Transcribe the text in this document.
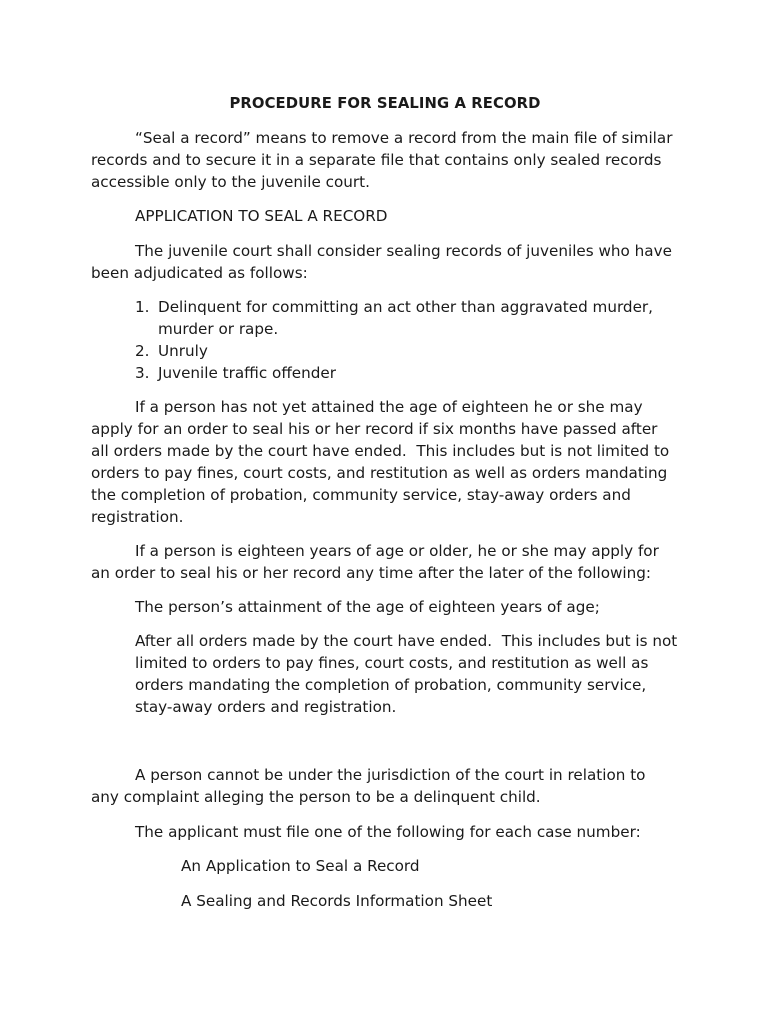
PROCEDURE FOR SEALING A RECORD
“Seal a record” means to remove a record from the main file of similar
records and to secure it in a separate file that contains only sealed records
accessible only to the juvenile court.
APPLICATION TO SEAL A RECORD
The juvenile court shall consider sealing records of juveniles who have
been adjudicated as follows:
1. Delinquent for committing an act other than aggravated murder,
murder or rape.
2. Unruly
3. Juvenile traffic offender
If a person has not yet attained the age of eighteen he or she may
apply for an order to seal his or her record if six months have passed after
all orders made by the court have ended.  This includes but is not limited to
orders to pay fines, court costs, and restitution as well as orders mandating
the completion of probation, community service, stay-away orders and
registration.
If a person is eighteen years of age or older, he or she may apply for
an order to seal his or her record any time after the later of the following:
The person’s attainment of the age of eighteen years of age;
After all orders made by the court have ended.  This includes but is not
limited to orders to pay fines, court costs, and restitution as well as
orders mandating the completion of probation, community service,
stay-away orders and registration.
A person cannot be under the jurisdiction of the court in relation to
any complaint alleging the person to be a delinquent child.
The applicant must file one of the following for each case number:
An Application to Seal a Record
A Sealing and Records Information Sheet
